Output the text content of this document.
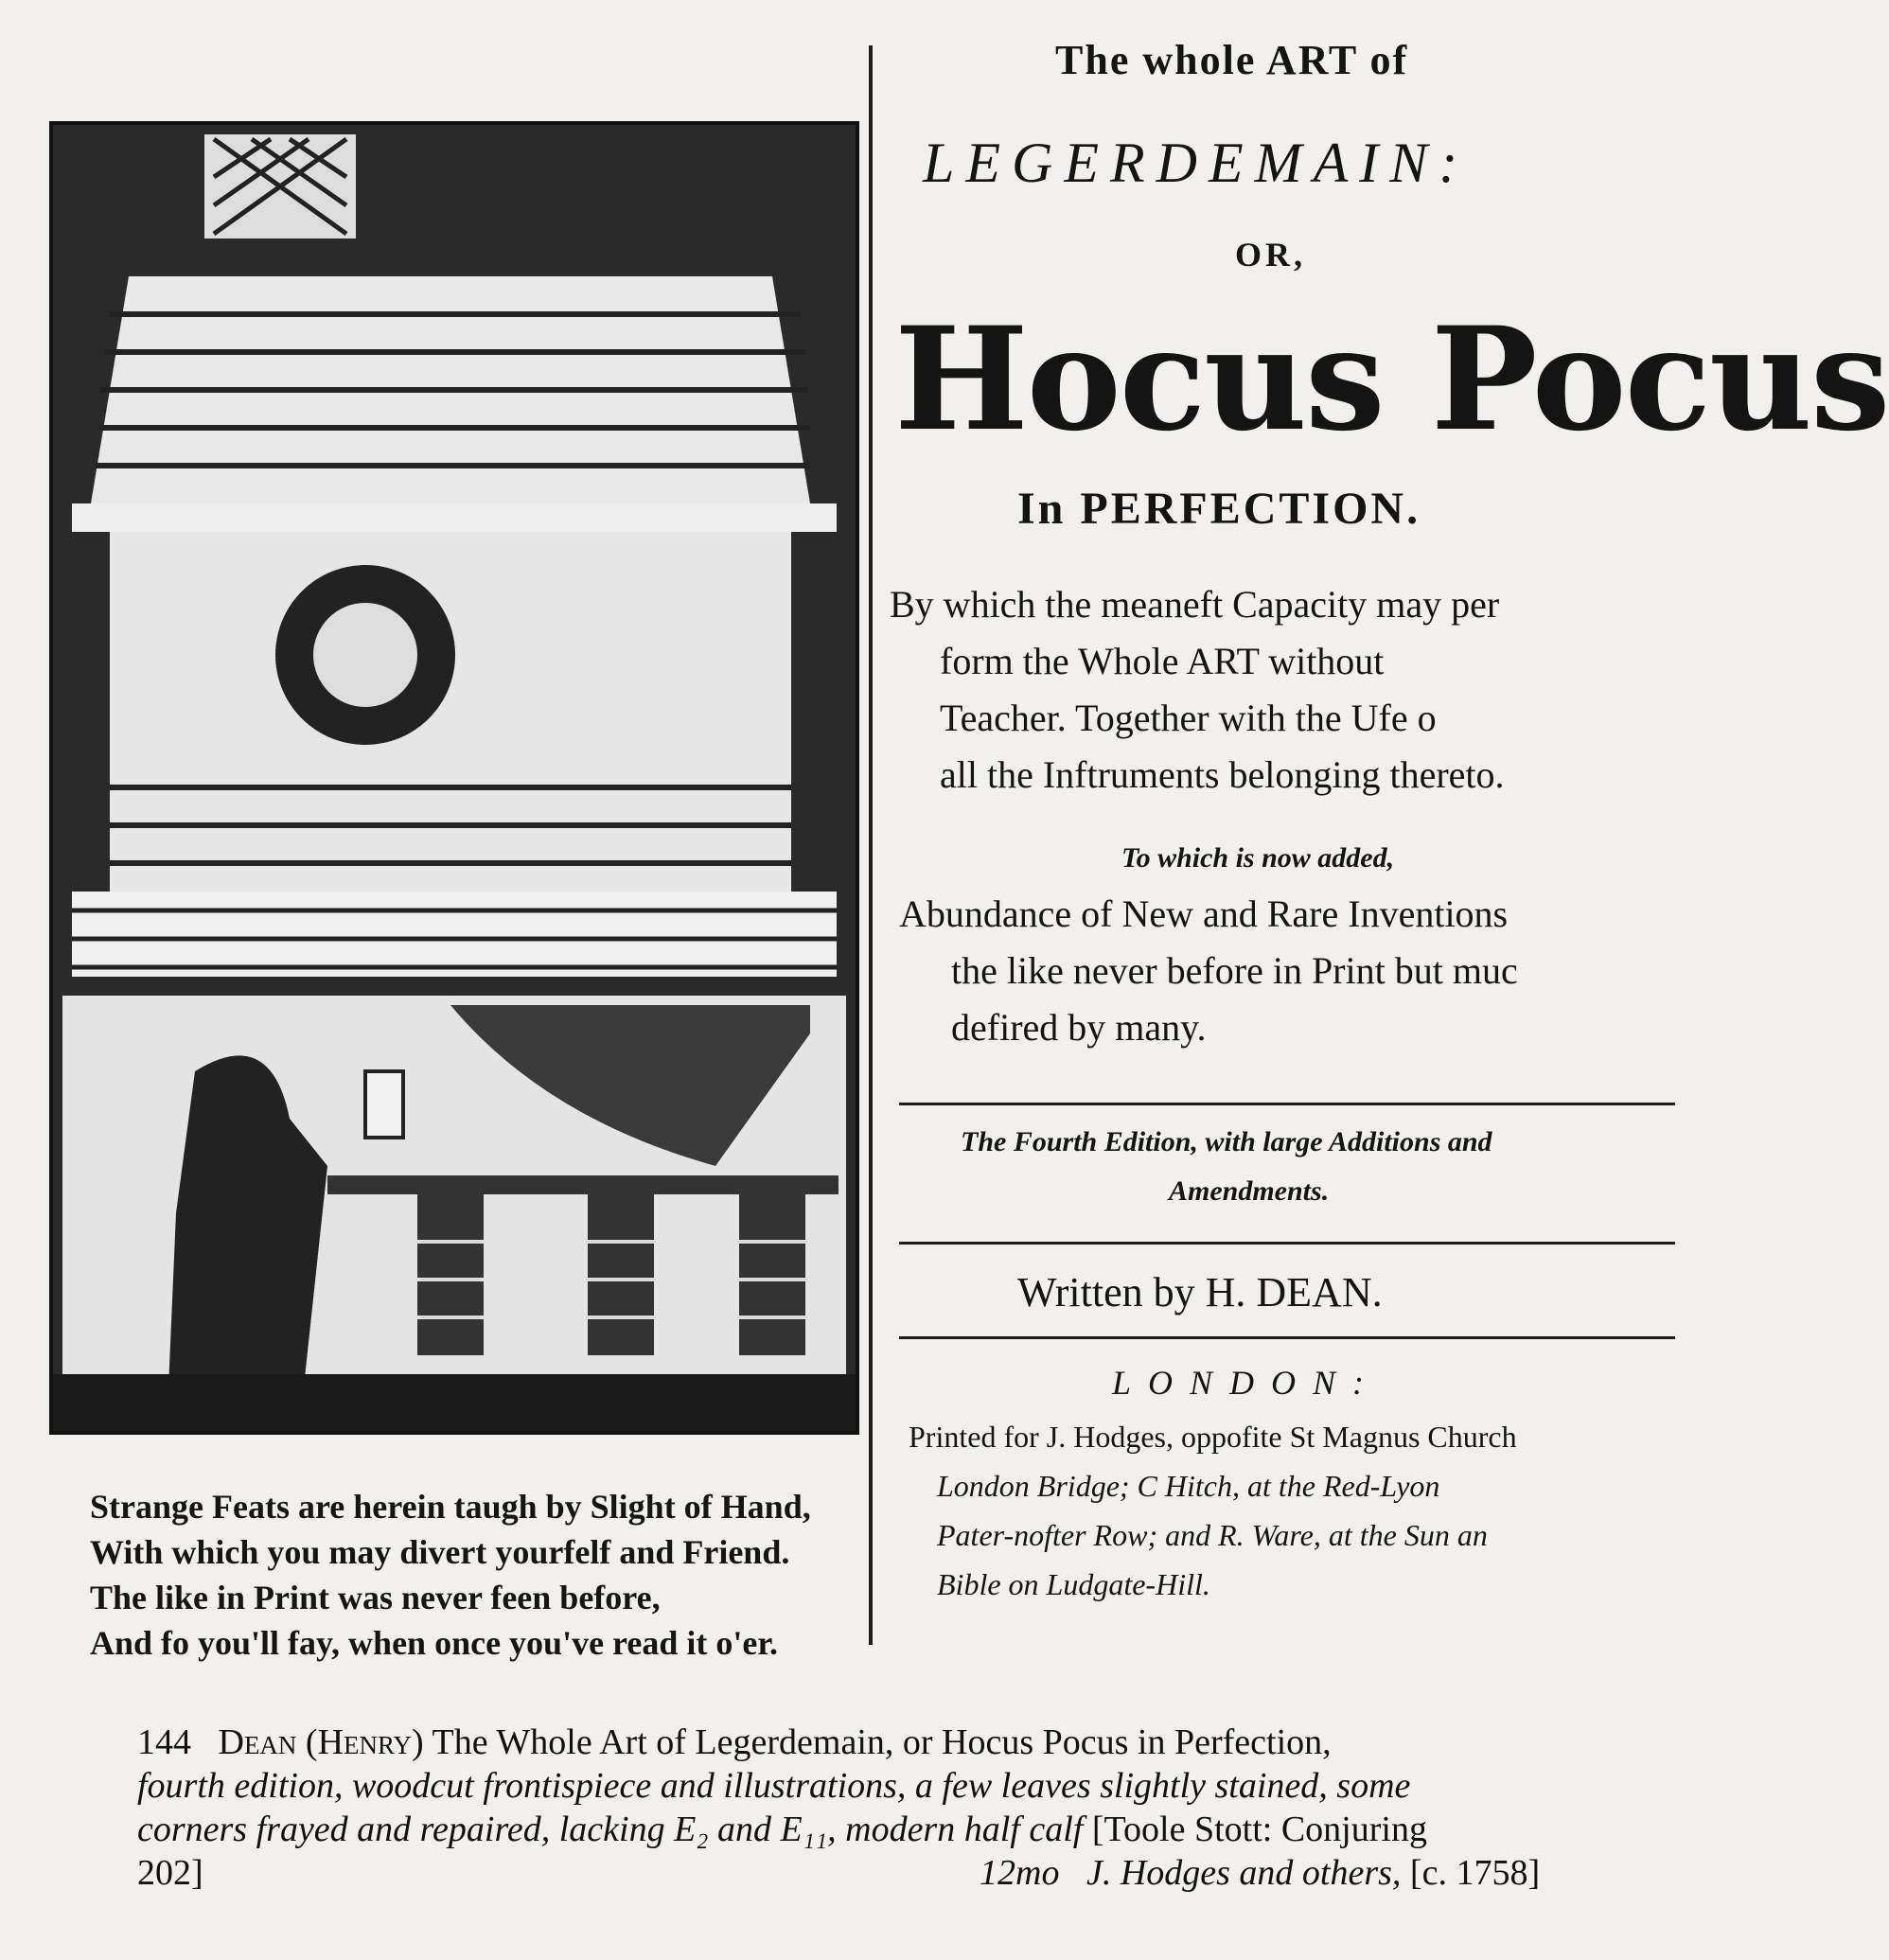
Strange Feats are herein taugh by Slight of Hand,
With which you may divert yourfelf and Friend.
The like in Print was never feen before,
And fo you'll fay, when once you've read it o'er.
The whole ART of
LEGERDEMAIN:
OR,
Hocus Pocus
In PERFECTION.
By which the meaneft Capacity may per
form the Whole ART without
Teacher. Together with the Ufe o
all the Inftruments belonging thereto.
To which is now added,
Abundance of New and Rare Inventions
the like never before in Print but muc
defired by many.
The Fourth Edition, with large Additions and
Amendments.
Written by H. DEAN.
LONDON:
Printed for J. Hodges, oppofite St Magnus Church
London Bridge; C Hitch, at the Red-Lyon
Pater-nofter Row; and R. Ware, at the Sun an
Bible on Ludgate-Hill.
144 Dean (Henry) The Whole Art of Legerdemain, or Hocus Pocus in Perfection,
fourth edition, woodcut frontispiece and illustrations, a few leaves slightly stained, some
corners frayed and repaired, lacking E₂ and E₁₁, modern half calf [Toole Stott: Conjuring
202]	12mo J. Hodges and others, [c. 1758]
